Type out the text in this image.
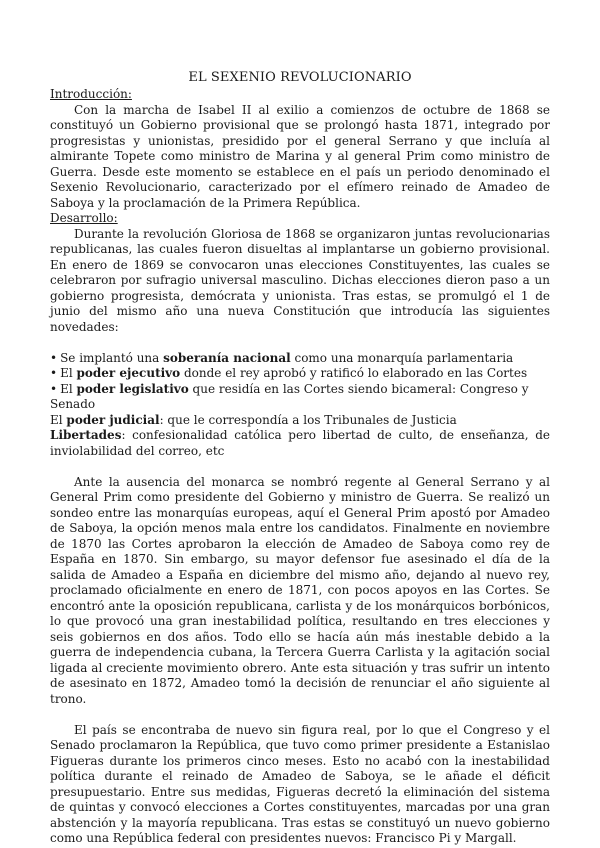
EL SEXENIO REVOLUCIONARIO
Introducción:

Con la marcha de Isabel II al exilio a comienzos de octubre de 1868 se constituyó un Gobierno provisional que se prolongó hasta 1871, integrado por progresistas y unionistas, presidido por el general Serrano y que incluía al almirante Topete como ministro de Marina y al general Prim como ministro de Guerra. Desde este momento se establece en el país un periodo denominado el Sexenio Revolucionario, caracterizado por el efímero reinado de Amadeo de Saboya y la proclamación de la Primera República.

Desarrollo:

Durante la revolución Gloriosa de 1868 se organizaron juntas revolucionarias republicanas, las cuales fueron disueltas al implantarse un gobierno provisional. En enero de 1869 se convocaron unas elecciones Constituyentes, las cuales se celebraron por sufragio universal masculino. Dichas elecciones dieron paso a un gobierno progresista, demócrata y unionista. Tras estas, se promulgó el 1 de junio del mismo año una nueva Constitución que introducía las siguientes novedades:

• Se implantó una soberanía nacional como una monarquía parlamentaria
• El poder ejecutivo donde el rey aprobó y ratificó lo elaborado en las Cortes
• El poder legislativo que residía en las Cortes siendo bicameral: Congreso y Senado
El poder judicial: que le correspondía a los Tribunales de Justicia
Libertades: confesionalidad católica pero libertad de culto, de enseñanza, de inviolabilidad del correo, etc

Ante la ausencia del monarca se nombró regente al General Serrano y al General Prim como presidente del Gobierno y ministro de Guerra. Se realizó un sondeo entre las monarquías europeas, aquí el General Prim apostó por Amadeo de Saboya, la opción menos mala entre los candidatos. Finalmente en noviembre de 1870 las Cortes aprobaron la elección de Amadeo de Saboya como rey de España en 1870. Sin embargo, su mayor defensor fue asesinado el día de la salida de Amadeo a España en diciembre del mismo año, dejando al nuevo rey, proclamado oficialmente en enero de 1871, con pocos apoyos en las Cortes. Se encontró ante la oposición republicana, carlista y de los monárquicos borbónicos, lo que provocó una gran inestabilidad política, resultando en tres elecciones y seis gobiernos en dos años. Todo ello se hacía aún más inestable debido a la guerra de independencia cubana, la Tercera Guerra Carlista y la agitación social ligada al creciente movimiento obrero. Ante esta situación y tras sufrir un intento de asesinato en 1872, Amadeo tomó la decisión de renunciar el año siguiente al trono.

El país se encontraba de nuevo sin figura real, por lo que el Congreso y el Senado proclamaron la República, que tuvo como primer presidente a Estanislao Figueras durante los primeros cinco meses. Esto no acabó con la inestabilidad política durante el reinado de Amadeo de Saboya, se le añade el déficit presupuestario. Entre sus medidas, Figueras decretó la eliminación del sistema de quintas y convocó elecciones a Cortes constituyentes, marcadas por una gran abstención y la mayoría republicana. Tras estas se constituyó un nuevo gobierno como una República federal con presidentes nuevos: Francisco Pi y Margall.
